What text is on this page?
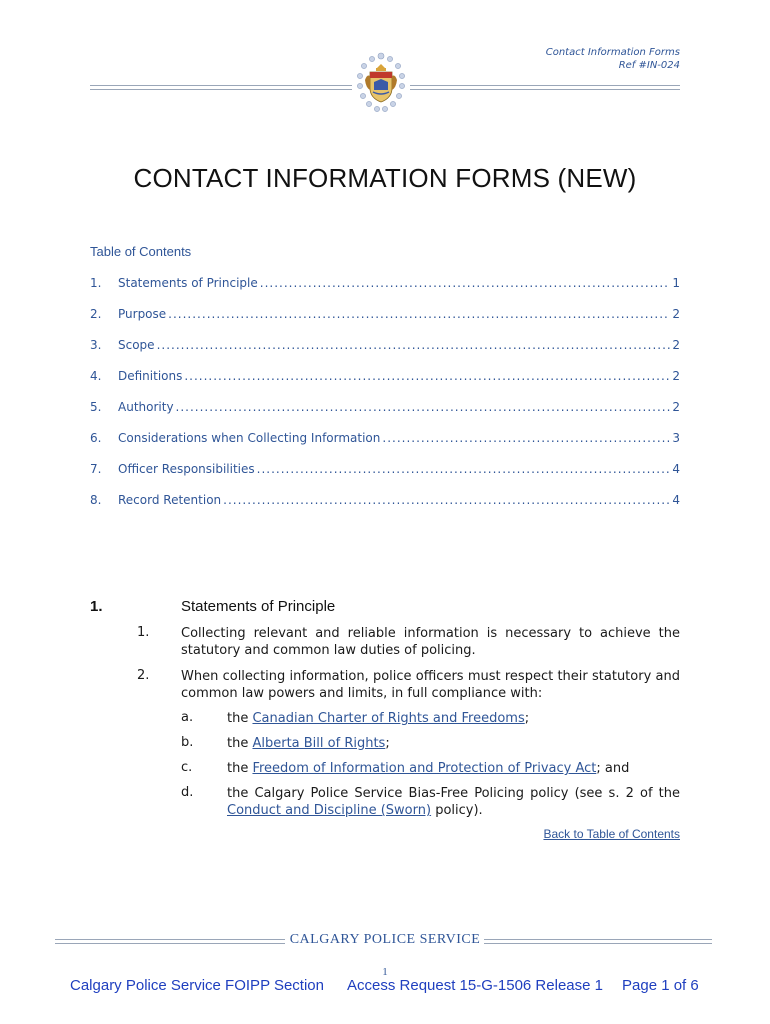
Contact Information Forms
Ref #IN-024
CONTACT INFORMATION FORMS (NEW)
Table of Contents
1.	Statements of Principle .....	1
2.	Purpose .....	2
3.	Scope .....	2
4.	Definitions .....	2
5.	Authority .....	2
6.	Considerations when Collecting Information .....	3
7.	Officer Responsibilities .....	4
8.	Record Retention .....	4
1.	Statements of Principle
1. Collecting relevant and reliable information is necessary to achieve the statutory and common law duties of policing.
2. When collecting information, police officers must respect their statutory and common law powers and limits, in full compliance with:
a.	the Canadian Charter of Rights and Freedoms;
b.	the Alberta Bill of Rights;
c.	the Freedom of Information and Protection of Privacy Act; and
d.	the Calgary Police Service Bias-Free Policing policy (see s. 2 of the Conduct and Discipline (Sworn) policy).
Back to Table of Contents
CALGARY POLICE SERVICE
1
Calgary Police Service FOIPP Section Access Request 15-G-1506 Release 1 Page 1 of 6
